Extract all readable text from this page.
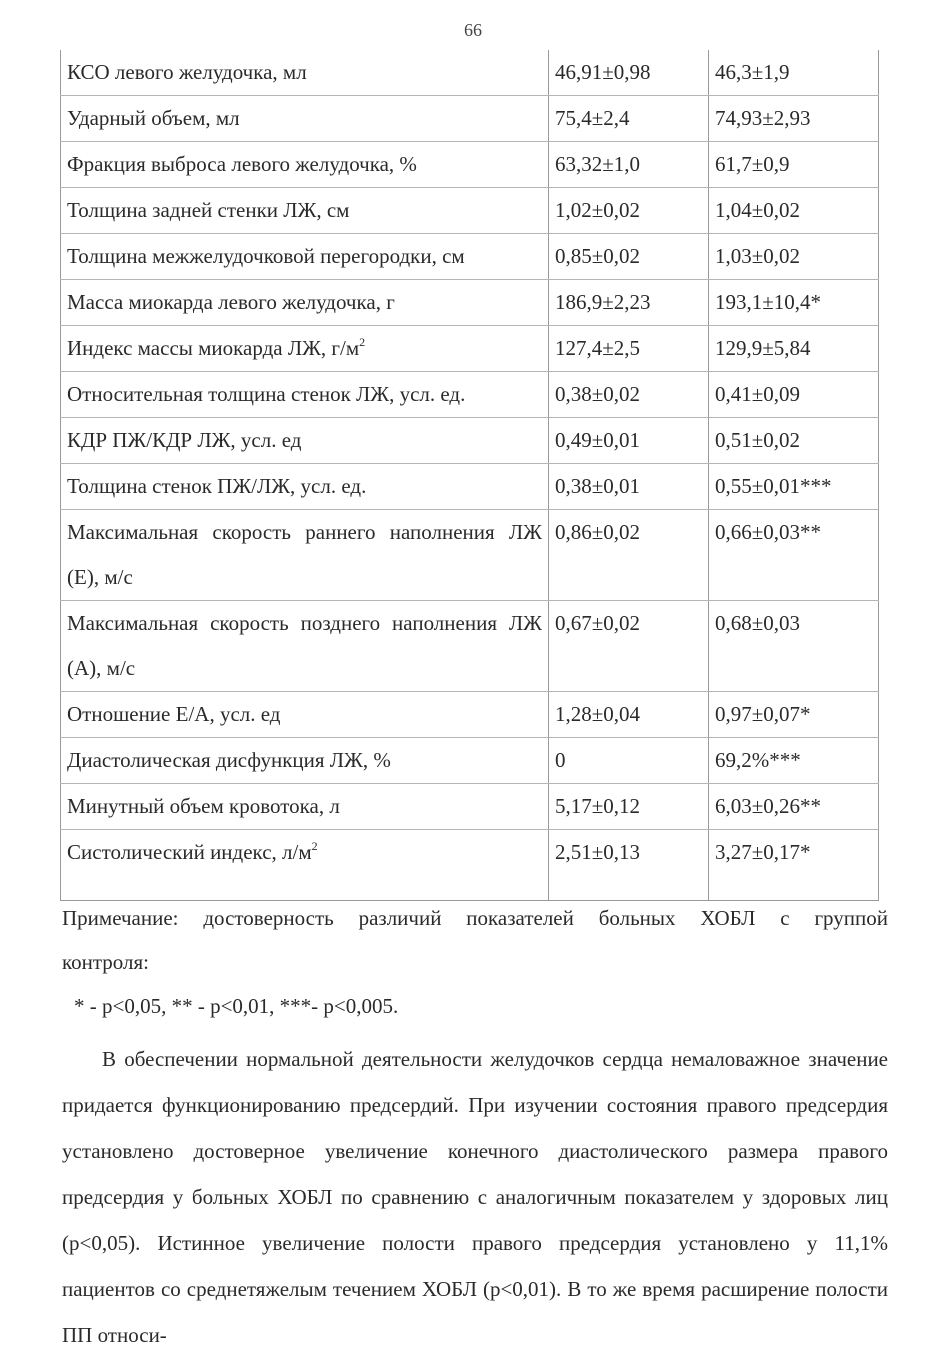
66
КСО левого желудочка, мл	46,91±0,98	46,3±1,9
Ударный объем, мл	75,4±2,4	74,93±2,93
Фракция выброса левого желудочка, %	63,32±1,0	61,7±0,9
Толщина задней стенки ЛЖ, см	1,02±0,02	1,04±0,02
Толщина межжелудочковой перегородки, см	0,85±0,02	1,03±0,02
Масса миокарда левого желудочка, г	186,9±2,23	193,1±10,4*
Индекс массы миокарда ЛЖ, $г/м^2$	127,4±2,5	129,9±5,84
Относительная толщина стенок ЛЖ, усл. ед.	0,38±0,02	0,41±0,09
КДР ПЖ/КДР ЛЖ, усл. ед	0,49±0,01	0,51±0,02
Толщина стенок ПЖ/ЛЖ, усл. ед.	0,38±0,01	0,55±0,01***
Максимальная скорость раннего наполнения ЛЖ (Е), м/с	0,86±0,02	0,66±0,03**
Максимальная скорость позднего наполнения ЛЖ (А), м/с	0,67±0,02	0,68±0,03
Отношение Е/А, усл. ед	1,28±0,04	0,97±0,07*
Диастолическая дисфункция ЛЖ, %	0	69,2%***
Минутный объем кровотока, л	5,17±0,12	6,03±0,26**
Систолический индекс, $л/м^2$	2,51±0,13	3,27±0,17*
Примечание: достоверность различий показателей больных ХОБЛ с группой
контроля:
* - p<0,05, ** - p<0,01, ***- p<0,005.
В обеспечении нормальной деятельности желудочков сердца немаловажное значение придается функционированию предсердий. При изучении состояния правого предсердия установлено достоверное увеличение конечного диастолического размера правого предсердия у больных ХОБЛ по сравнению с аналогичным показателем у здоровых лиц (p<0,05). Истинное увеличение полости правого предсердия установлено у 11,1% пациентов со среднетяжелым течением ХОБЛ (p<0,01). В то же время расширение полости ПП относи-
